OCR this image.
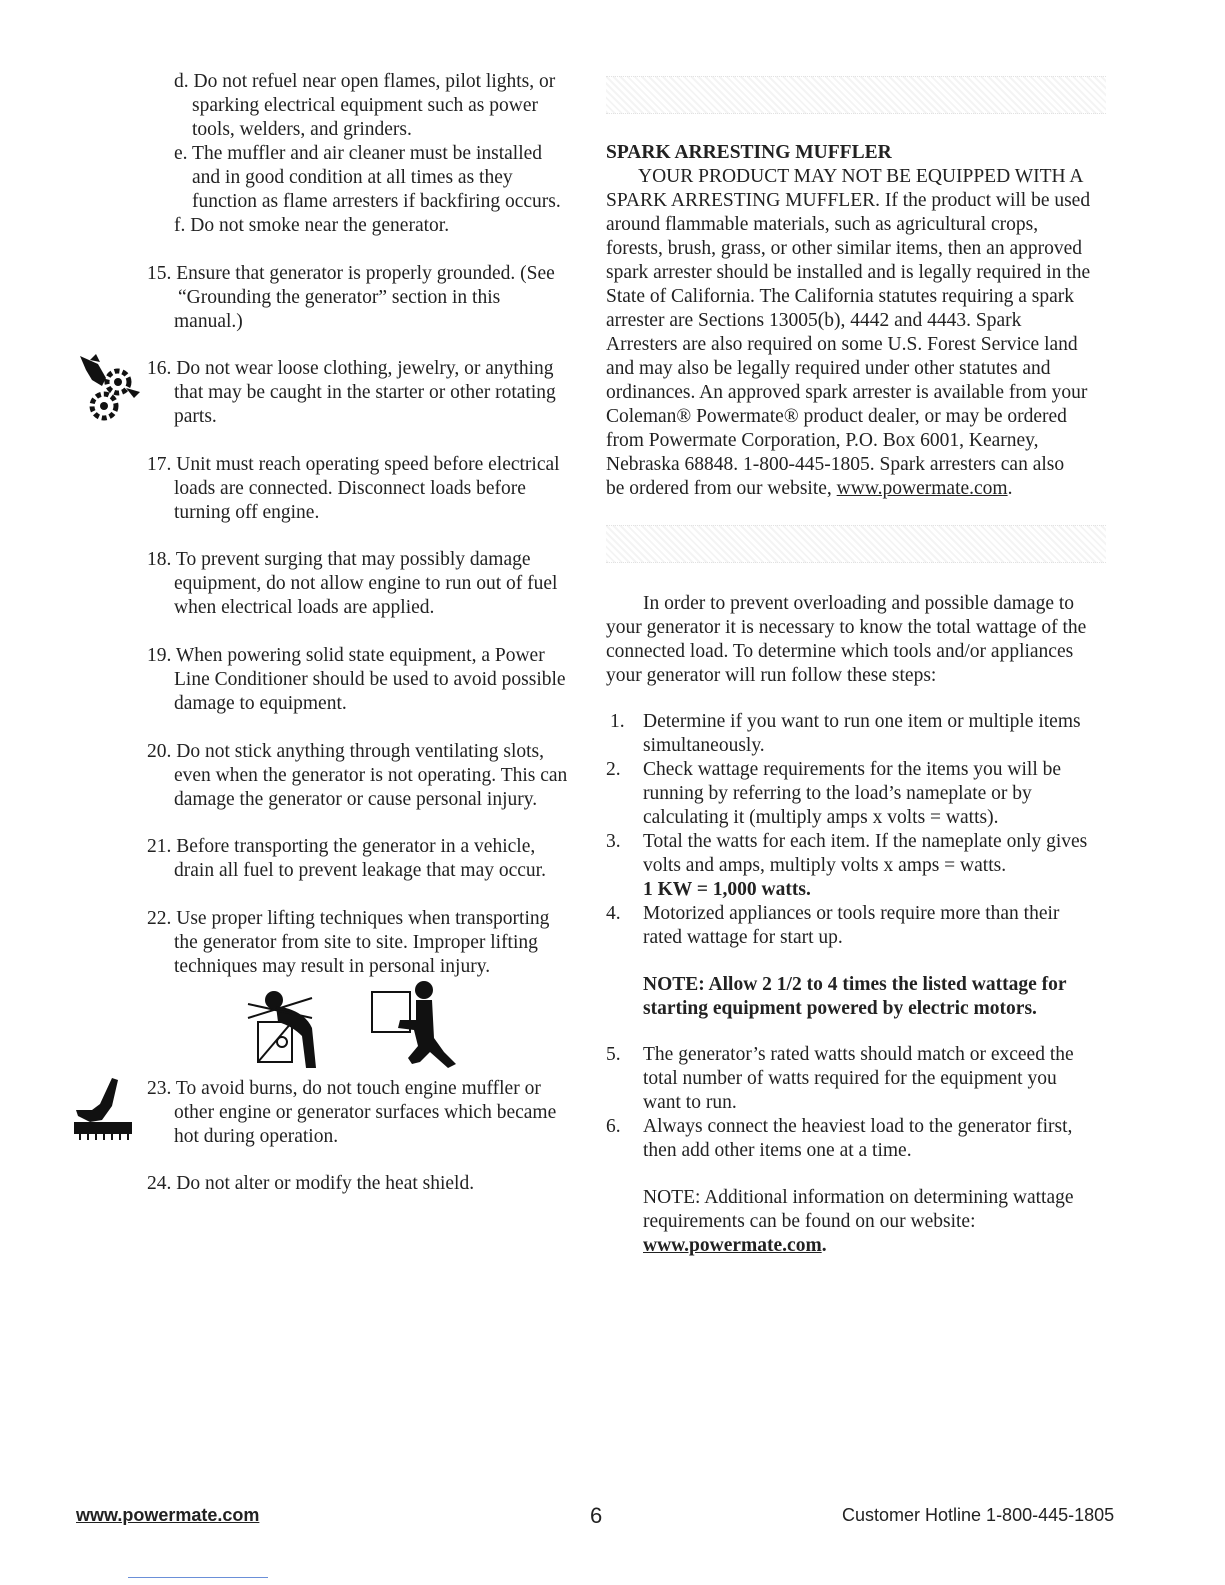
d. Do not refuel near open flames, pilot lights, or
sparking electrical equipment such as power
tools, welders, and grinders.
e. The muffler and air cleaner must be installed
and in good condition at all times as they
function as flame arresters if backfiring occurs.
f. Do not smoke near the generator.
15. Ensure that generator is properly grounded. (See
“Grounding the generator” section in this
manual.)
16. Do not wear loose clothing, jewelry, or anything
that may be caught in the starter or other rotating
parts.
17. Unit must reach operating speed before electrical
loads are connected. Disconnect loads before
turning off engine.
18. To prevent surging that may possibly damage
equipment, do not allow engine to run out of fuel
when electrical loads are applied.
19. When powering solid state equipment, a Power
Line Conditioner should be used to avoid possible
damage to equipment.
20. Do not stick anything through ventilating slots,
even when the generator is not operating. This can
damage the generator or cause personal injury.
21. Before transporting the generator in a vehicle,
drain all fuel to prevent leakage that may occur.
22. Use proper lifting techniques when transporting
the generator from site to site. Improper lifting
techniques may result in personal injury.
23. To avoid burns, do not touch engine muffler or
other engine or generator surfaces which became
hot during operation.
24. Do not alter or modify the heat shield.
SPARK ARRESTING MUFFLER
YOUR PRODUCT MAY NOT BE EQUIPPED WITH A
SPARK ARRESTING MUFFLER. If the product will be used
around flammable materials, such as agricultural crops,
forests, brush, grass, or other similar items, then an approved
spark arrester should be installed and is legally required in the
State of California. The California statutes requiring a spark
arrester are Sections 13005(b), 4442 and 4443. Spark
Arresters are also required on some U.S. Forest Service land
and may also be legally required under other statutes and
ordinances. An approved spark arrester is available from your
Coleman® Powermate® product dealer, or may be ordered
from Powermate Corporation, P.O. Box 6001, Kearney,
Nebraska 68848. 1-800-445-1805. Spark arresters can also
be ordered from our website, www.powermate.com.
In order to prevent overloading and possible damage to
your generator it is necessary to know the total wattage of the
connected load. To determine which tools and/or appliances
your generator will run follow these steps:
1. Determine if you want to run one item or multiple items
simultaneously.
2. Check wattage requirements for the items you will be
running by referring to the load’s nameplate or by
calculating it (multiply amps x volts = watts).
3. Total the watts for each item. If the nameplate only gives
volts and amps, multiply volts x amps = watts.
1 KW = 1,000 watts.
4. Motorized appliances or tools require more than their
rated wattage for start up.
NOTE: Allow 2 1/2 to 4 times the listed wattage for
starting equipment powered by electric motors.
5. The generator’s rated watts should match or exceed the
total number of watts required for the equipment you
want to run.
6. Always connect the heaviest load to the generator first,
then add other items one at a time.
NOTE: Additional information on determining wattage
requirements can be found on our website:
www.powermate.com.
www.powermate.com	6	Customer Hotline 1-800-445-1805
